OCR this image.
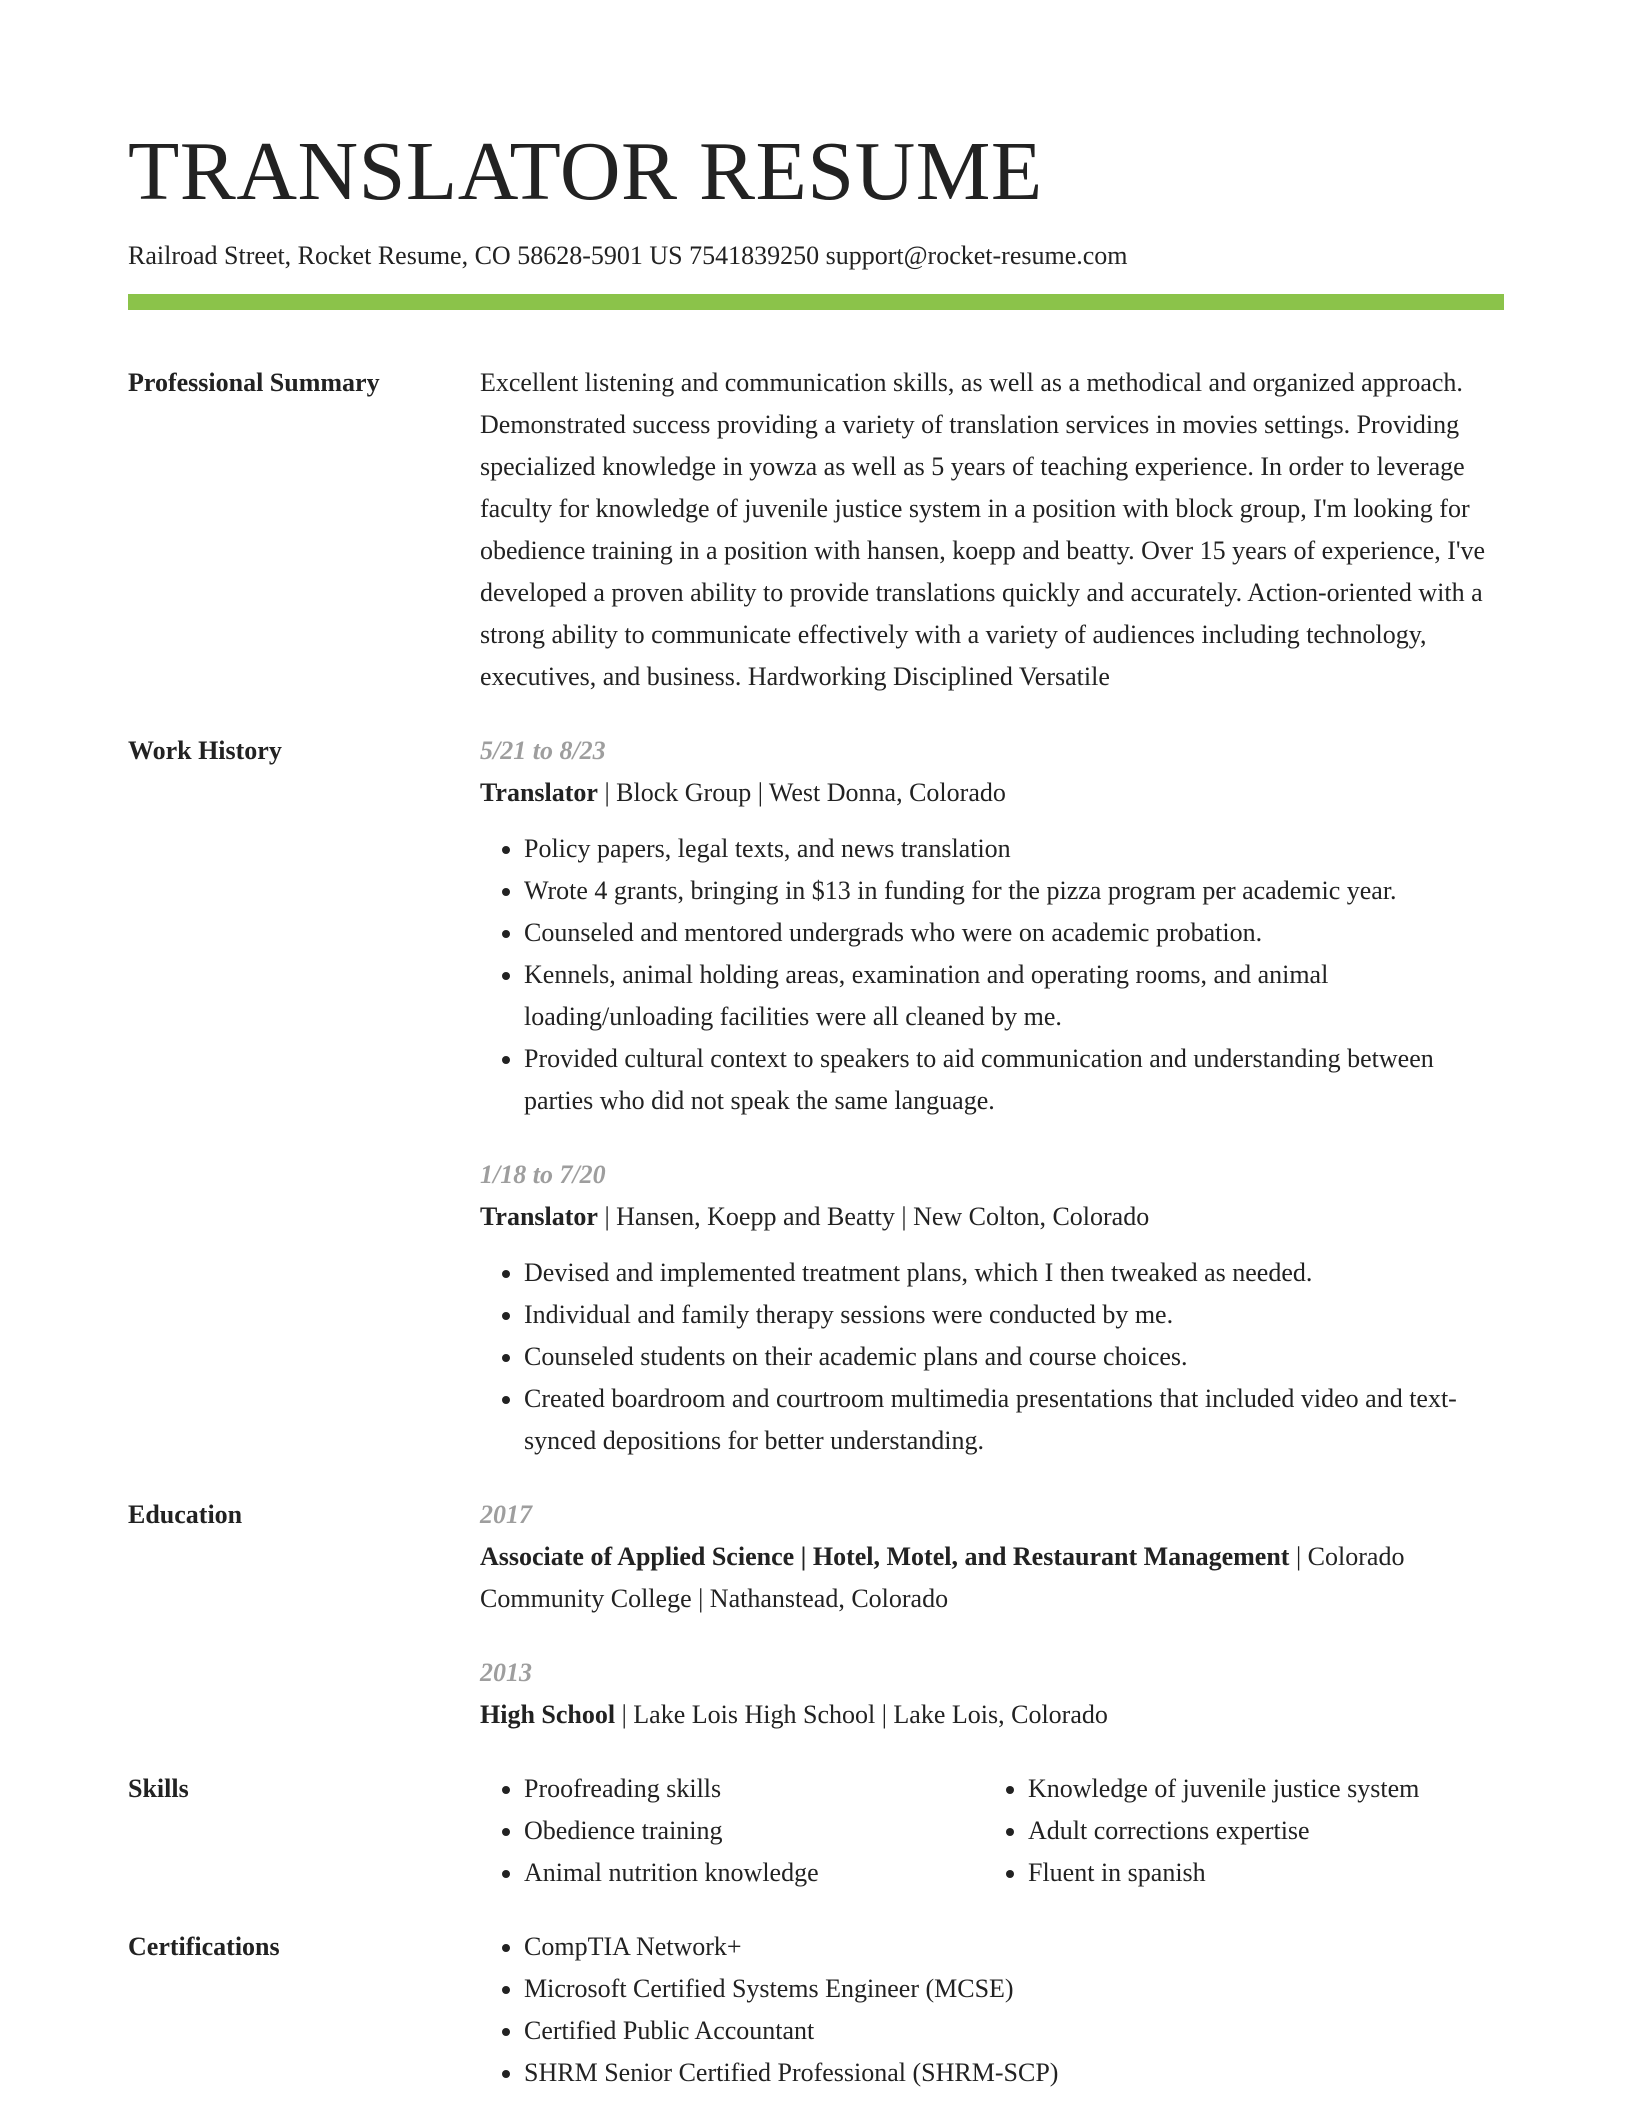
TRANSLATOR RESUME
Railroad Street, Rocket Resume, CO 58628-5901 US 7541839250 support@rocket-resume.com
Professional Summary	Excellent listening and communication skills, as well as a methodical and organized approach. Demonstrated success providing a variety of translation services in movies settings. Providing specialized knowledge in yowza as well as 5 years of teaching experience. In order to leverage faculty for knowledge of juvenile justice system in a position with block group, I'm looking for obedience training in a position with hansen, koepp and beatty. Over 15 years of experience, I've developed a proven ability to provide translations quickly and accurately. Action-oriented with a strong ability to communicate effectively with a variety of audiences including technology, executives, and business. Hardworking Disciplined Versatile
Work History	5/21 to 8/23
Translator | Block Group | West Donna, Colorado
• Policy papers, legal texts, and news translation
• Wrote 4 grants, bringing in $13 in funding for the pizza program per academic year.
• Counseled and mentored undergrads who were on academic probation.
• Kennels, animal holding areas, examination and operating rooms, and animal loading/unloading facilities were all cleaned by me.
• Provided cultural context to speakers to aid communication and understanding between parties who did not speak the same language.
1/18 to 7/20
Translator | Hansen, Koepp and Beatty | New Colton, Colorado
• Devised and implemented treatment plans, which I then tweaked as needed.
• Individual and family therapy sessions were conducted by me.
• Counseled students on their academic plans and course choices.
• Created boardroom and courtroom multimedia presentations that included video and text-synced depositions for better understanding.
Education	2017
Associate of Applied Science | Hotel, Motel, and Restaurant Management | Colorado Community College | Nathanstead, Colorado
2013
High School | Lake Lois High School | Lake Lois, Colorado
Skills	• Proofreading skills
• Obedience training
• Animal nutrition knowledge
• Knowledge of juvenile justice system
• Adult corrections expertise
• Fluent in spanish
Certifications	• CompTIA Network+
• Microsoft Certified Systems Engineer (MCSE)
• Certified Public Accountant
• SHRM Senior Certified Professional (SHRM-SCP)
